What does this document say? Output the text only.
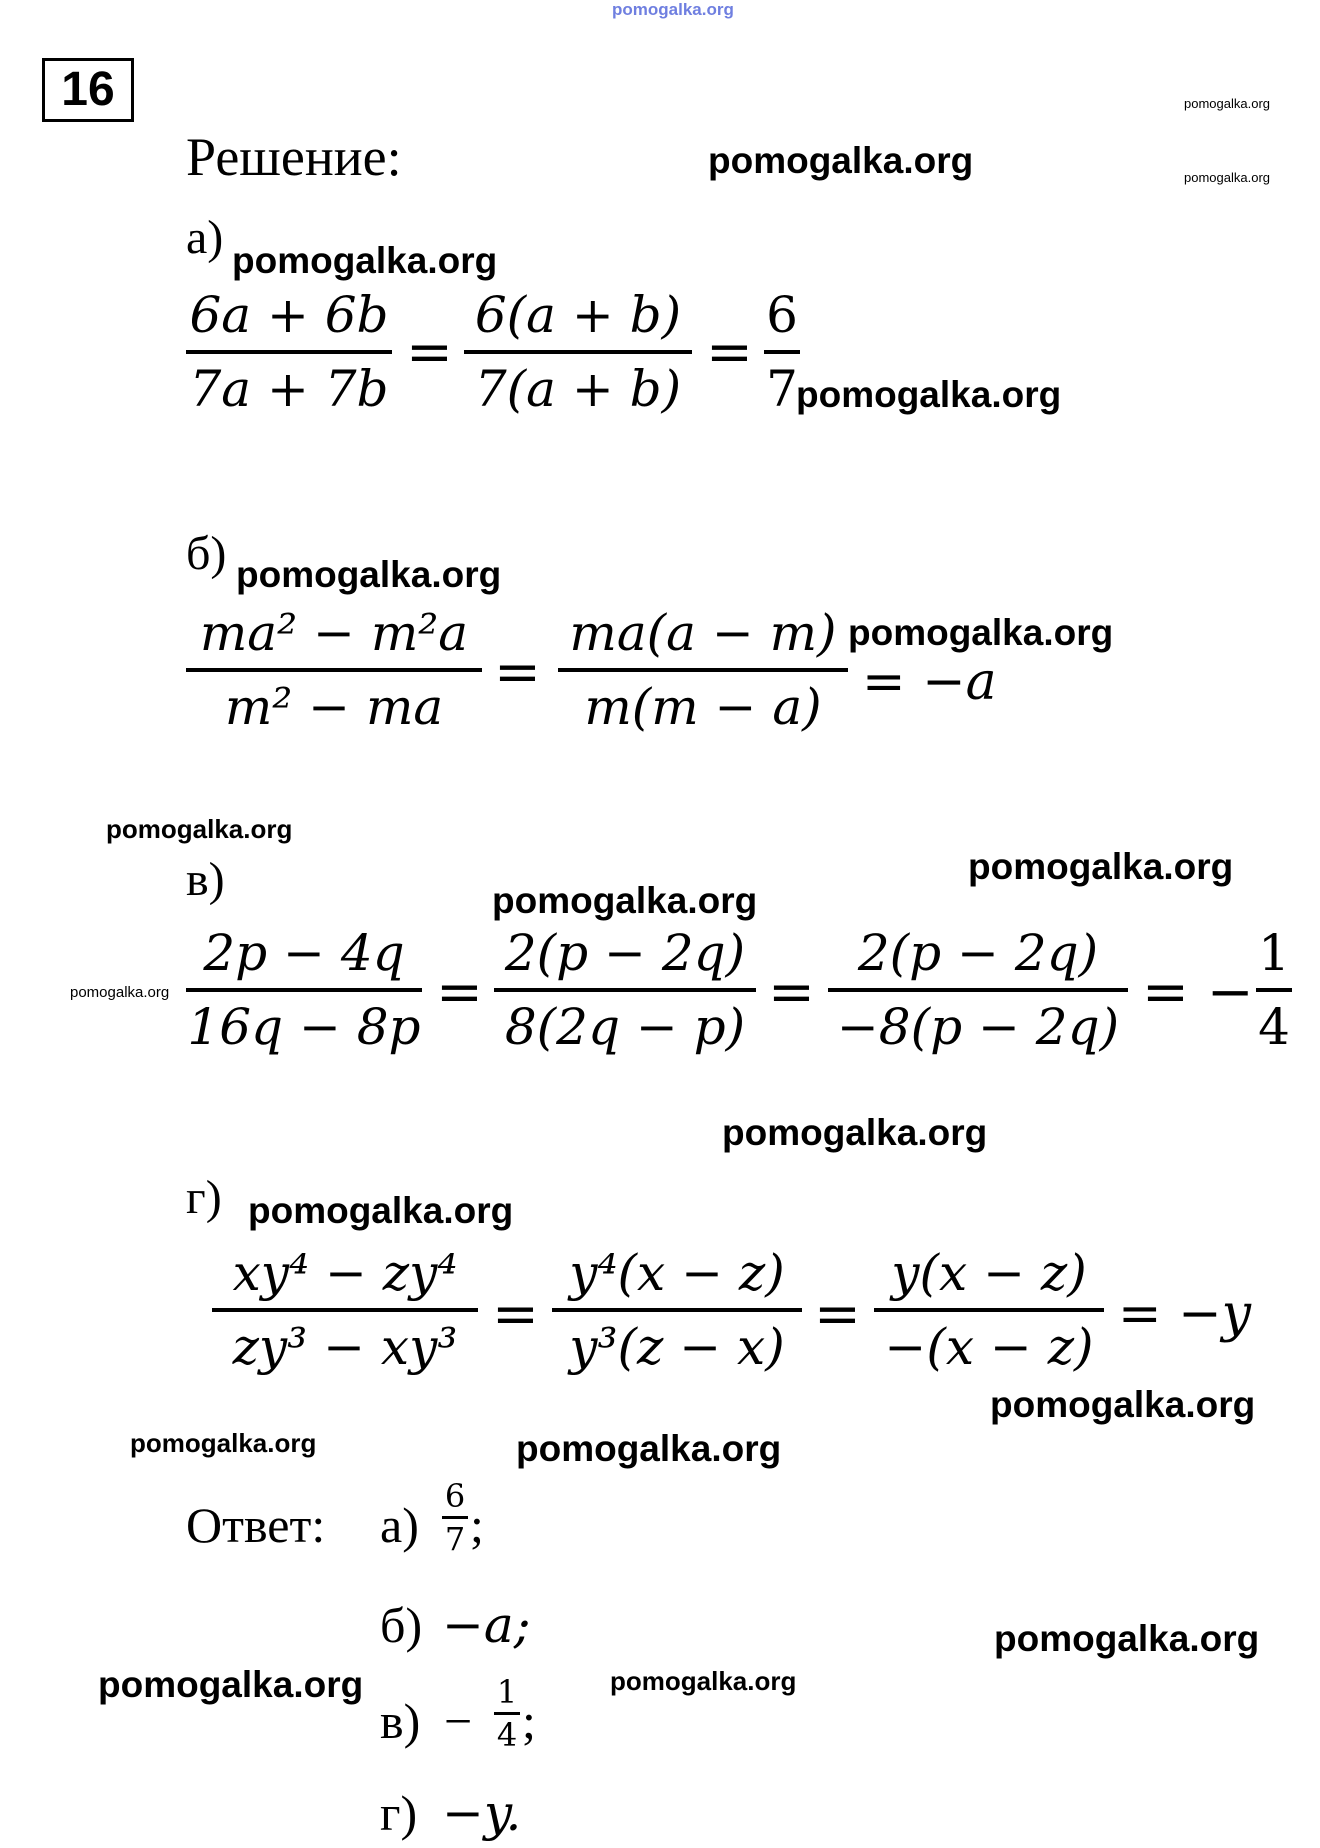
pomogalka.org
16
Решение:	pomogalka.org
pomogalka.org
pomogalka.org
а) pomogalka.org
6a + 6b
7a + 7b
=
6(a + b)
7(a + b)
=
6
7
pomogalka.org
б) pomogalka.org
ma² − m²a
m² − ma
=
ma(a − m)
m(m − a)
pomogalka.org
= −a
pomogalka.org
в)	pomogalka.org
pomogalka.org
pomogalka.org
2p − 4q
16q − 8p
=
2(p − 2q)
8(2q − p)
=
2(p − 2q)
−8(p − 2q)
= −
1
4
pomogalka.org
г) pomogalka.org
xy⁴ − zy⁴
zy³ − xy³ =
y⁴(x − z)
y³(z − x) =
y(x − z)
−(x − z)
= −y
pomogalka.org
pomogalka.org	pomogalka.org
Ответ: а)
6
7 ;
б) −a;	pomogalka.org
pomogalka.org	pomogalka.org
в) −
1
4 ;
г) −y.
